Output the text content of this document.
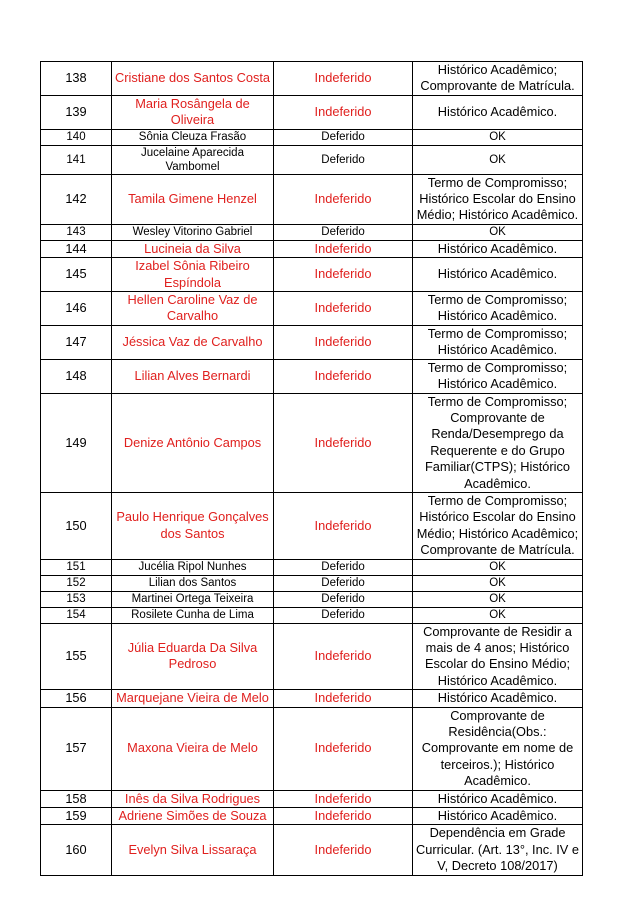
138	Cristiane dos Santos Costa	Indeferido	Histórico Acadêmico; Comprovante de Matrícula.
139	Maria Rosângela de Oliveira	Indeferido	Histórico Acadêmico.
140	Sônia Cleuza Frasão	Deferido	OK
141	Jucelaine Aparecida Vambomel	Deferido	OK
142	Tamila Gimene Henzel	Indeferido	Termo de Compromisso; Histórico Escolar do Ensino Médio; Histórico Acadêmico.
143	Wesley Vitorino Gabriel	Deferido	OK
144	Lucineia da Silva	Indeferido	Histórico Acadêmico.
145	Izabel Sônia Ribeiro Espíndola	Indeferido	Histórico Acadêmico.
146	Hellen Caroline Vaz de Carvalho	Indeferido	Termo de Compromisso; Histórico Acadêmico.
147	Jéssica Vaz de Carvalho	Indeferido	Termo de Compromisso; Histórico Acadêmico.
148	Lilian Alves Bernardi	Indeferido	Termo de Compromisso; Histórico Acadêmico.
149	Denize Antônio Campos	Indeferido	Termo de Compromisso; Comprovante de Renda/Desemprego da Requerente e do Grupo Familiar(CTPS); Histórico Acadêmico.
150	Paulo Henrique Gonçalves dos Santos	Indeferido	Termo de Compromisso; Histórico Escolar do Ensino Médio; Histórico Acadêmico; Comprovante de Matrícula.
151	Jucélia Ripol Nunhes	Deferido	OK
152	Lilian dos Santos	Deferido	OK
153	Martinei Ortega Teixeira	Deferido	OK
154	Rosilete Cunha de Lima	Deferido	OK
155	Júlia Eduarda Da Silva Pedroso	Indeferido	Comprovante de Residir a mais de 4 anos; Histórico Escolar do Ensino Médio; Histórico Acadêmico.
156	Marquejane Vieira de Melo	Indeferido	Histórico Acadêmico.
157	Maxona Vieira de Melo	Indeferido	Comprovante de Residência(Obs.: Comprovante em nome de terceiros.); Histórico Acadêmico.
158	Inês da Silva Rodrigues	Indeferido	Histórico Acadêmico.
159	Adriene Simões de Souza	Indeferido	Histórico Acadêmico.
160	Evelyn Silva Lissaraça	Indeferido	Dependência em Grade Curricular. (Art. 13°, Inc. IV e V, Decreto 108/2017)
